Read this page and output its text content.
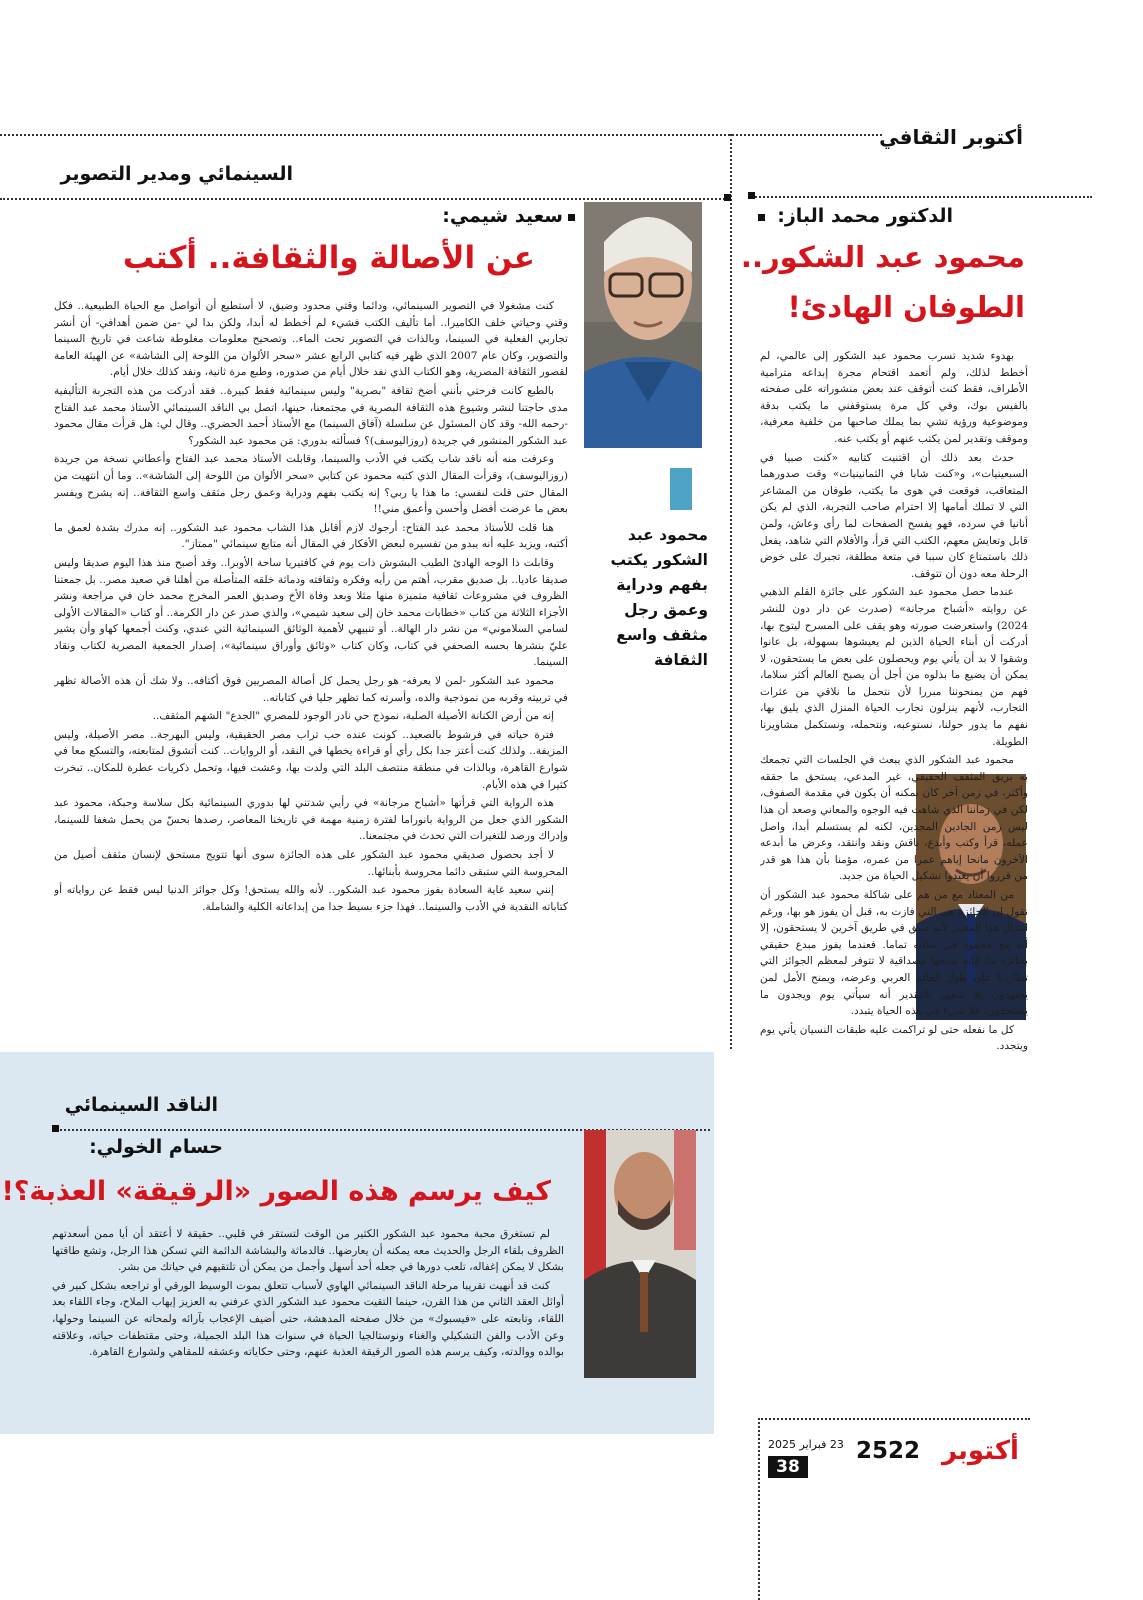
أكتوبر الثقافي
السينمائي ومدير التصوير
سعيد شيمي:
عن الأصالة والثقافة.. أكتب
محمود عبد الشكور يكتب بفهم ودراية وعمق رجل مثقف واسع الثقافة

كنت مشغولا في التصوير السينمائي، ودائما وقتي محدود وضيق، لا أستطيع أن أتواصل مع الحياة الطبيعية.. فكل وقتي وحياتي خلف الكاميرا.. أما تأليف الكتب فشيء لم أخطط له أبدا، ولكن بدا لي -من ضمن أهدافي- أن أنشر تجاربي الفعلية في السينما، وبالذات في التصوير تحت الماء.. وتصحيح معلومات مغلوطة شاعت في تاريخ السينما والتصوير، وكان عام 2007 الذي ظهر فيه كتابي الرابع عشر «سحر الألوان من اللوحة إلى الشاشة» عن الهيئة العامة لقصور الثقافة المصرية، وهو الكتاب الذي نفد خلال أيام من صدوره، وطبع مرة ثانية، ونفد كذلك خلال أيام.

بالطبع كانت فرحتي بأنني أضخ ثقافة "بصرية" وليس سينمائية فقط كبيرة.. فقد أدركت من هذه التجربة التأليفية مدى حاجتنا لنشر وشيوع هذه الثقافة البصرية في مجتمعنا، حينها، اتصل بي الناقد السينمائي الأستاذ محمد عبد الفتاح -رحمه الله- وقد كان المسئول عن سلسلة (آفاق السينما) مع الأستاذ أحمد الحضري.. وقال لي: هل قرأت مقال محمود عبد الشكور المنشور في جريدة (روزاليوسف)؟ فسألته بدوري: مَن محمود عبد الشكور؟

وعرفت منه أنه ناقد شاب يكتب في الأدب والسينما، وقابلت الأستاذ محمد عبد الفتاح وأعطاني نسخة من جريدة (روزاليوسف)، وقرأت المقال الذي كتبه محمود عن كتابي «سحر الألوان من اللوحة إلى الشاشة».. وما أن انتهيت من المقال حتى قلت لنفسي: ما هذا يا ربي؟ إنه يكتب بفهم ودراية وعمق رجل مثقف واسع الثقافة.. إنه يشرح ويفسر بعض ما عرضت أفضل وأحسن وأعمق مني!!

هنا قلت للأستاذ محمد عبد الفتاح: أرجوك لازم أقابل هذا الشاب محمود عبد الشكور.. إنه مدرك بشدة لعمق ما أكتبه، ويزيد عليه أنه يبدو من تفسيره لبعض الأفكار في المقال أنه متابع سينمائي "ممتاز".

وقابلت ذا الوجه الهادئ الطيب البشوش ذات يوم في كافتيريا ساحة الأوبرا.. وقد أصبح منذ هذا اليوم صديقا وليس صديقا عاديا.. بل صديق مقرب، أهتم من رأيه وفكره وثقافته ودماثة خلقه المتأصلة من أهلنا في صعيد مصر.. بل جمعتنا الظروف في مشروعات ثقافية متميزة منها مثلا وبعد وفاة الأخ وصديق العمر المخرج محمد خان في مراجعة ونشر الأجزاء الثلاثة من كتاب «خطابات محمد خان إلى سعيد شيمي»، والذي صدر عن دار الكرمة.. أو كتاب «المقالات الأولى لسامي السلاموني» من نشر دار الهالة.. أو تنبيهي لأهمية الوثائق السينمائية التي عندي، وكنت أجمعها كهاو وأن يشير عليّ بنشرها بحسه الصحفي في كتاب، وكان كتاب «وثائق وأوراق سينمائية»، إصدار الجمعية المصرية لكتاب ونقاد السينما.

محمود عبد الشكور -لمن لا يعرفه- هو رجل يحمل كل أصالة المصريين فوق أكتافه.. ولا شك أن هذه الأصالة تظهر في تربيته وقربه من نموذجية والده، وأسرته كما تظهر جليا في كتاباته..

إنه من أرض الكنانة الأصيلة الصلبة، نموذج حي نادر الوجود للمصري "الجدع" الشهم المثقف..

فترة حياته في فرشوط بالصعيد.. كونت عنده حب تراب مصر الحقيقية، وليس البهرجة.. مصر الأصيلة، وليس المزيفة.. ولذلك كنت أعتز جدا بكل رأي أو قراءة يخطها في النقد، أو الروايات.. كنت أتشوق لمتابعته، والتسكع معا في شوارع القاهرة، وبالذات في منطقة منتصف البلد التي ولدت بها، وعشت فيها، وتحمل ذكريات عطرة للمكان.. تبخرت كثيرا في هذه الأيام.

هذه الرواية التي قرأتها «أشباح مرجانة» في رأيي شدتني لها بدوري السينمائية بكل سلاسة وحبكة، محمود عبد الشكور الذي جعل من الرواية بانوراما لفترة زمنية مهمة في تاريخنا المعاصر، رصدها بحسّ من يحمل شغفا للسينما، وإدراك ورصد للتغيرات التي تحدث في مجتمعنا..

لا أجد بحصول صديقي محمود عبد الشكور على هذه الجائزة سوى أنها تتويج مستحق لإنسان مثقف أصيل من المحروسة التي ستبقى دائما محروسة بأبنائها..

إنني سعيد غاية السعادة بفوز محمود عبد الشكور.. لأنه والله يستحق! وكل جوائز الدنيا ليس فقط عن رواياته أو كتاباته النقدية في الأدب والسينما.. فهذا جزء بسيط جدا من إبداعاته الكلية والشاملة.

الناقد السينمائي
حسام الخولي:
كيف يرسم هذه الصور «الرقيقة» العذبة؟!

لم تستغرق محبة محمود عبد الشكور الكثير من الوقت لتستقر في قلبي.. حقيقة لا أعتقد أن أيا ممن أسعدتهم الظروف بلقاء الرجل والحديث معه يمكنه أن يعارضها.. فالدماثة والبشاشة الدائمة التي تسكن هذا الرجل، وتشع طاقتها بشكل لا يمكن إغفاله، تلعب دورها في جعله أحد أسهل وأجمل من يمكن أن تلتقيهم في حياتك من بشر.

كنت قد أنهيت تقريبا مرحلة الناقد السينمائي الهاوي لأسباب تتعلق بموت الوسيط الورقي أو تراجعه بشكل كبير في أوائل العقد الثاني من هذا القرن، حينما التقيت محمود عبد الشكور الذي عرفني به العزيز إيهاب الملاح، وجاء اللقاء بعد اللقاء، وتابعته على «فيسبوك» من خلال صفحته المدهشة، حتى أضيف الإعجاب بآرائه ولمحاته عن السينما وحولها، وعن الأدب والفن التشكيلي والغناء ونوستالجيا الحياة في سنوات هذا البلد الجميلة، وحتى مقتطفات حياته، وعلاقته بوالده ووالدته، وكيف يرسم هذه الصور الرقيقة العذبة عنهم، وحتى حكاياته وعشقه للمقاهي ولشوارع القاهرة.

الدكتور محمد الباز:
محمود عبد الشكور..
الطوفان الهادئ!

بهدوء شديد تسرب محمود عبد الشكور إلى عالمي، لم أخطط لذلك، ولم أتعمد اقتحام مجرة إبداعه مترامية الأطراف، فقط كنت أتوقف عند بعض منشوراته على صفحته بالفيس بوك، وفي كل مرة يستوقفني ما يكتب بدقة وموضوعية ورؤية تشي بما يملك صاحبها من خلفية معرفية، وموقف وتقدير لمن يكتب عنهم أو يكتب عنه.

حدث بعد ذلك أن اقتنيت كتابيه «كنت صبيا في السبعينيات»، و«كنت شابا في الثمانينيات» وقت صدورهما المتعاقب، فوقعت في هوى ما يكتب، طوفان من المشاعر التي لا تملك أمامها إلا احترام صاحب التجربة، الذي لم يكن أنانيا في سرده، فهو يفسح الصفحات لما رأى وعاش، ولمن قابل وتعايش معهم، الكتب التي قرأ، والأفلام التي شاهد، يفعل ذلك باستمتاع كان سببا في متعة مطلقة، تجبرك على خوض الرحلة معه دون أن تتوقف.

عندما حصل محمود عبد الشكور على جائزة القلم الذهبي عن روايته «أشباح مرجانة» (صدرت عن دار دون للنشر 2024) واستعرضت صورته وهو يقف على المسرح ليتوج بها، أدركت أن أبناء الحياة الذين لم يعيشوها بسهولة، بل عانوا وشقوا لا بد أن يأتي يوم ويحصلون على بعض ما يستحقون، لا يمكن أن يضيع ما بذلوه من أجل أن يصبح العالم أكثر سلاما، فهم من يمنحوننا مبررا لأن نتحمل ما نلاقي من عثرات التجارب، لأنهم ينزلون تجارب الحياة المنزل الذي يليق بها، نفهم ما يدور حولنا، نستوعبه، ونتحمله، ونستكمل مشاويرنا الطويلة.

محمود عبد الشكور الذي يبعث في الجلسات التي تجمعك به بريق المثقف الحقيقي، غير المدعي، يستحق ما حققه وأكثر، في زمن آخر كان يمكنه أن يكون في مقدمة الصفوف، لكن في زماننا الذي شاهت فيه الوجوه والمعاني وصعد أن هذا ليس زمن الجادين المجدين، لكنه لم يستسلم أبدا، واصل عمله، قرأ وكتب وأبدع، ناقش ونقد وانتقد، وعرض ما أبدعه الآخرون مانحا إياهم عمرا من عمره، مؤمنا بأن هذا هو قدر من قرروا أن يعيدوا تشكيل الحياة من جديد.

من المعتاد مع من هم على شاكلة محمود عبد الشكور أن نقول إن الجائزة هي التي فازت به، قبل أن يفوز هو بها، ورغم ابتذال هذا المعنى لأنه سيق في طريق آخرين لا يستحقون، إلا أنه مع محمود في مكانه تماما. فعندما يفوز مبدع حقيقي بجائزة ما، فإنه يمنحها مصداقية لا تتوفر لمعظم الجوائز التي تطاردنا على طول العالم العربي وعرضه، ويمنح الأمل لمن يجتهدون بلا شعور بالتقدير أنه سيأتي يوم ويجدون ما يستحقون، فلا شيء في هذه الحياة يتبدد.

كل ما نفعله حتى لو تراكمت عليه طبقات النسيان يأتي يوم ويتجدد.

أكتوبر
2522
23 فبراير 2025
38
